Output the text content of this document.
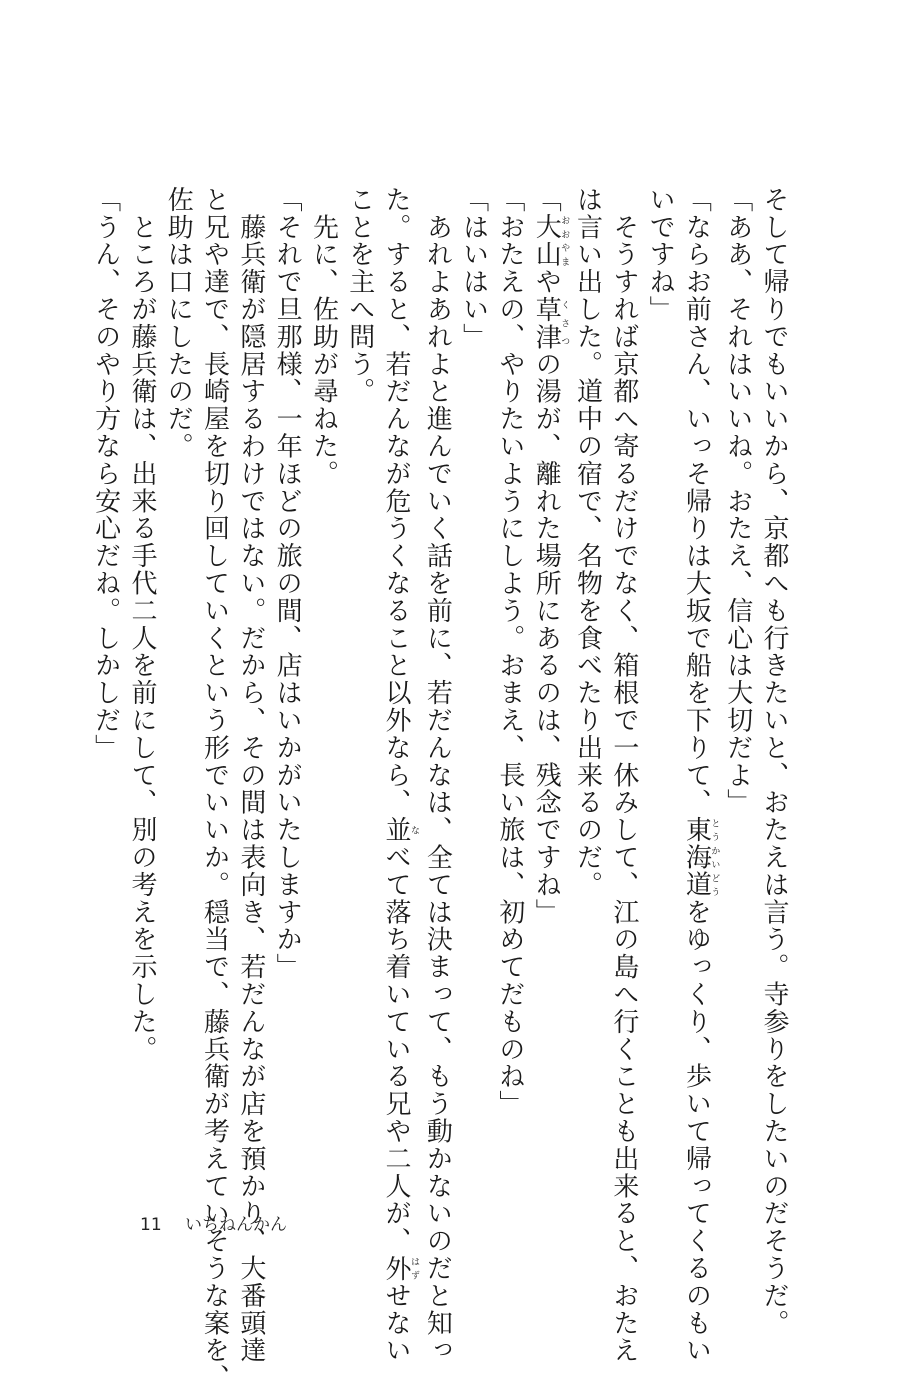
そして帰りでもいいから、京都へも行きたいと、おたえは言う。寺参りをしたいのだそうだ。
「ああ、それはいいね。おたえ、信心は大切だよ」
「ならお前さん、いっそ帰りは大坂で船を下りて、東海道とうかいどうをゆっくり、歩いて帰ってくるのもい
いですね」
　そうすれば京都へ寄るだけでなく、箱根で一休みして、江の島へ行くことも出来ると、おたえ
は言い出した。道中の宿で、名物を食べたり出来るのだ。
「大山おおやまや草津くさつの湯が、離れた場所にあるのは、残念ですね」
「おたえの、やりたいようにしよう。おまえ、長い旅は、初めてだものね」
「はいはい」
　あれよあれよと進んでいく話を前に、若だんなは、全ては決まって、もう動かないのだと知っ
た。すると、若だんなが危うくなること以外なら、並なべて落ち着いている兄や二人が、外はずせない
ことを主へ問う。
　先に、佐助が尋ねた。
「それで旦那様、一年ほどの旅の間、店はいかがいたしますか」
　藤兵衛が隠居するわけではない。だから、その間は表向き、若だんなが店を預かり、大番頭達
と兄や達で、長崎屋を切り回していくという形でいいか。穏当で、藤兵衛が考えていそうな案を、
佐助は口にしたのだ。
　ところが藤兵衛は、出来る手代二人を前にして、別の考えを示した。
「うん、そのやり方なら安心だね。しかしだ」
11 いちねんかん
